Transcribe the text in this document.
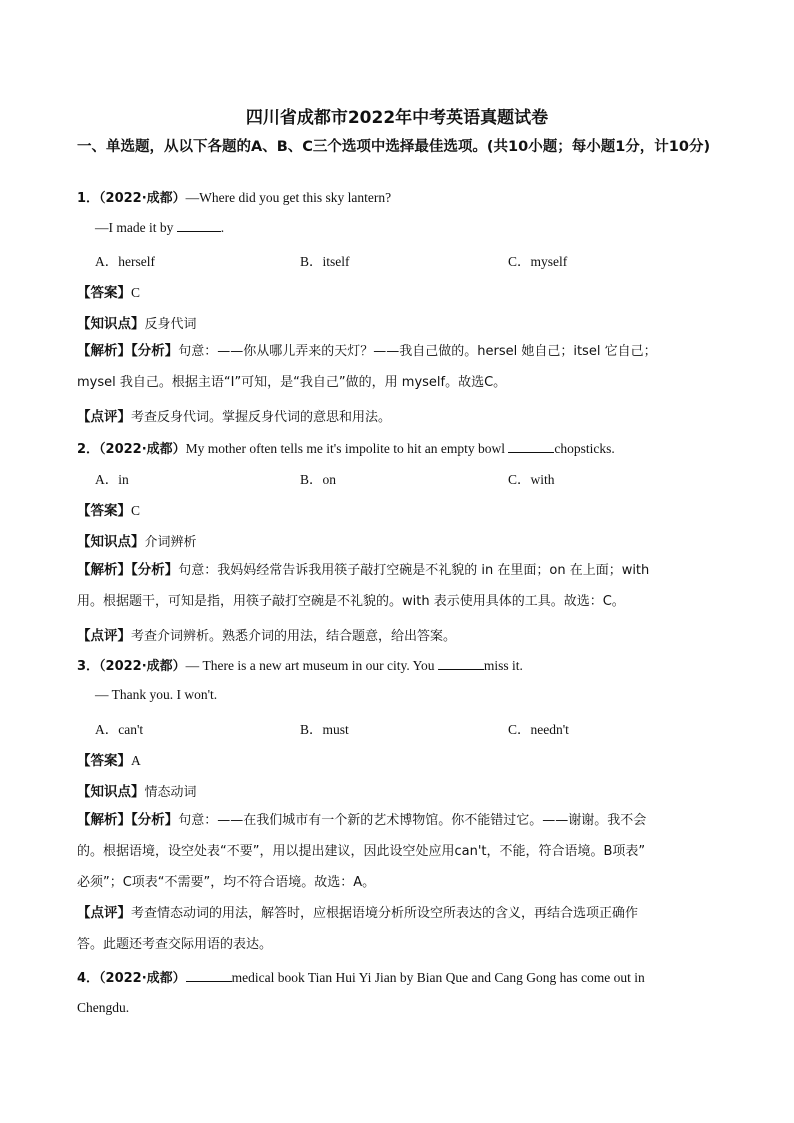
四川省成都市2022年中考英语真题试卷
一、单选题，从以下各题的A、B、C三个选项中选择最佳选项。(共10小题；每小题1分，计10分)
1．（2022·成都）—Where did you get this sky lantern?
—I made it by	.
A．herself	B．itself	C．myself
【答案】C
【知识点】反身代词
【解析】【分析】句意：——你从哪儿弄来的天灯？——我自己做的。hersel 她自己；itsel 它自己；
mysel 我自己。根据主语“I”可知，是“我自己”做的，用 myself。故选C。
【点评】考查反身代词。掌握反身代词的意思和用法。
2．（2022·成都）My mother often tells me it's impolite to hit an empty bowl	chopsticks.
A．in	B．on	C．with
【答案】C
【知识点】介词辨析
【解析】【分析】句意：我妈妈经常告诉我用筷子敲打空碗是不礼貌的 in 在里面；on 在上面；with
用。根据题干，可知是指，用筷子敲打空碗是不礼貌的。with 表示使用具体的工具。故选：C。
【点评】考查介词辨析。熟悉介词的用法，结合题意，给出答案。
3．（2022·成都）— There is a new art museum in our city. You	miss it.
— Thank you. I won't.
A．can't	B．must	C．needn't
【答案】A
【知识点】情态动词
【解析】【分析】句意：——在我们城市有一个新的艺术博物馆。你不能错过它。——谢谢。我不会
的。根据语境，设空处表“不要”，用以提出建议，因此设空处应用can't，不能，符合语境。B项表”
必须”；C项表“不需要”，均不符合语境。故选：A。
【点评】考查情态动词的用法，解答时，应根据语境分析所设空所表达的含义，再结合选项正确作
答。此题还考查交际用语的表达。
4．（2022·成都）	medical book Tian Hui Yi Jian by Bian Que and Cang Gong has come out in
Chengdu.
